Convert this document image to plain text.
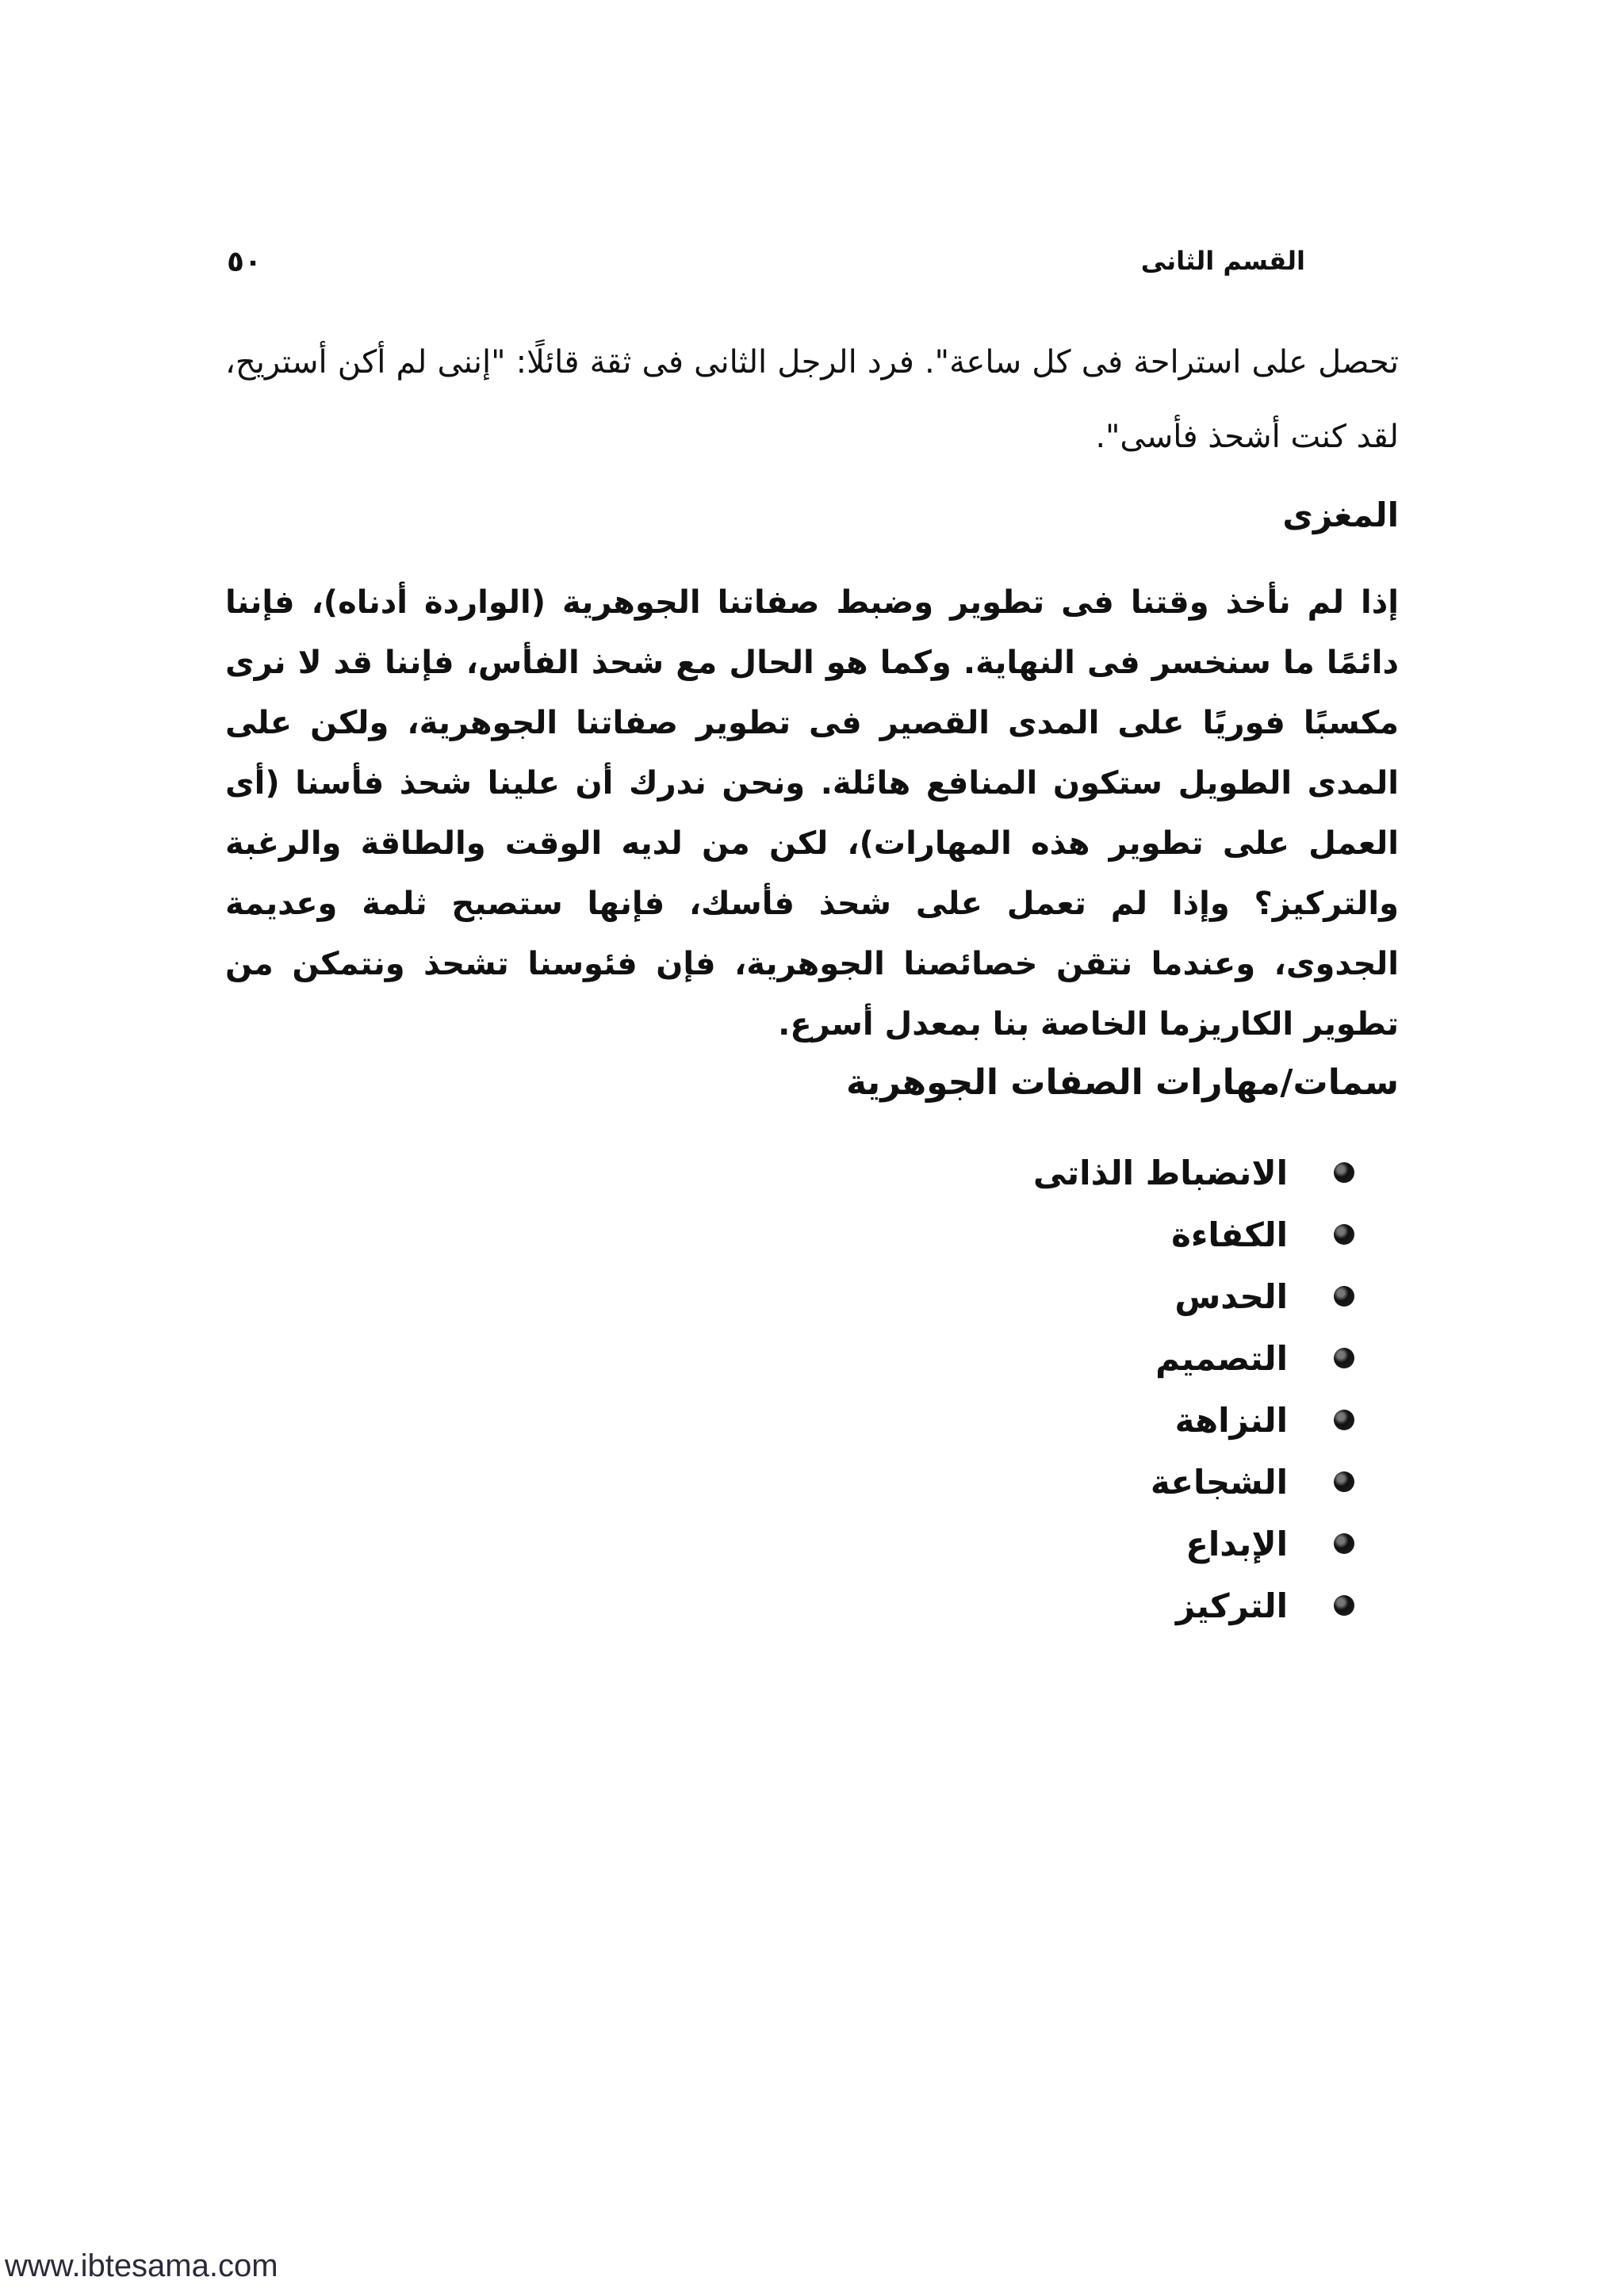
٥٠	القسم الثانى

تحصل على استراحة فى كل ساعة". فرد الرجل الثانى فى ثقة قائلًا: "إننى لم أكن أستريح، لقد كنت أشحذ فأسى".

المغزى

إذا لم نأخذ وقتنا فى تطوير وضبط صفاتنا الجوهرية (الواردة أدناه)، فإننا دائمًا ما سنخسر فى النهاية. وكما هو الحال مع شحذ الفأس، فإننا قد لا نرى مكسبًا فوريًا على المدى القصير فى تطوير صفاتنا الجوهرية، ولكن على المدى الطويل ستكون المنافع هائلة. ونحن ندرك أن علينا شحذ فأسنا (أى العمل على تطوير هذه المهارات)، لكن من لديه الوقت والطاقة والرغبة والتركيز؟ وإذا لم تعمل على شحذ فأسك، فإنها ستصبح ثلمة وعديمة الجدوى، وعندما نتقن خصائصنا الجوهرية، فإن فئوسنا تشحذ ونتمكن من تطوير الكاريزما الخاصة بنا بمعدل أسرع.

سمات/مهارات الصفات الجوهرية
الانضباط الذاتى
الكفاءة
الحدس
التصميم
النزاهة
الشجاعة
الإبداع
التركيز
www.ibtesama.com
